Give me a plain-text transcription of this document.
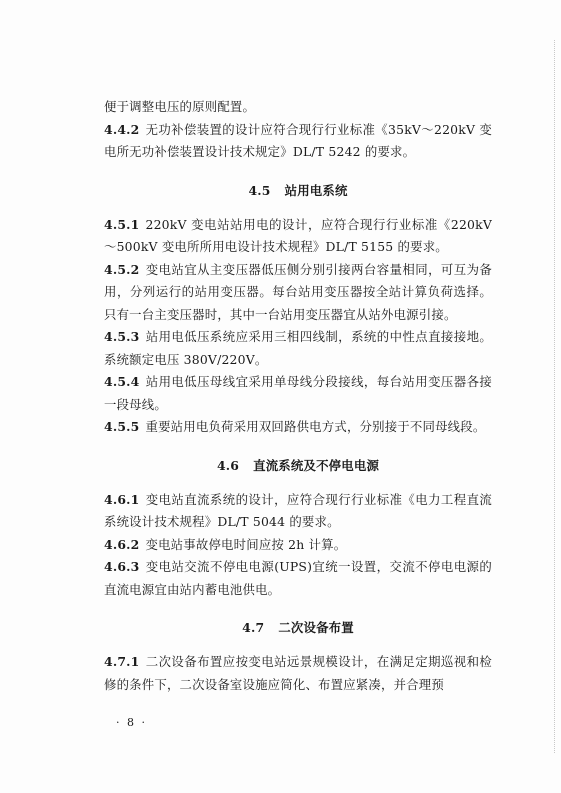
便于调整电压的原则配置。

4.4.2 无功补偿装置的设计应符合现行行业标准《35kV～220kV 变电所无功补偿装置设计技术规定》DL/T 5242 的要求。

4.5 站用电系统

4.5.1 220kV 变电站站用电的设计，应符合现行行业标准《220kV～500kV 变电所所用电设计技术规程》DL/T 5155 的要求。

4.5.2 变电站宜从主变压器低压侧分别引接两台容量相同，可互为备用，分列运行的站用变压器。每台站用变压器按全站计算负荷选择。只有一台主变压器时，其中一台站用变压器宜从站外电源引接。

4.5.3 站用电低压系统应采用三相四线制，系统的中性点直接接地。系统额定电压 380V/220V。

4.5.4 站用电低压母线宜采用单母线分段接线，每台站用变压器各接一段母线。

4.5.5 重要站用电负荷采用双回路供电方式，分别接于不同母线段。

4.6 直流系统及不停电电源

4.6.1 变电站直流系统的设计，应符合现行行业标准《电力工程直流系统设计技术规程》DL/T 5044 的要求。

4.6.2 变电站事故停电时间应按 2h 计算。

4.6.3 变电站交流不停电电源(UPS)宜统一设置，交流不停电电源的直流电源宜由站内蓄电池供电。

4.7 二次设备布置

4.7.1 二次设备布置应按变电站远景规模设计，在满足定期巡视和检修的条件下，二次设备室设施应简化、布置应紧凑，并合理预

· 8 ·
